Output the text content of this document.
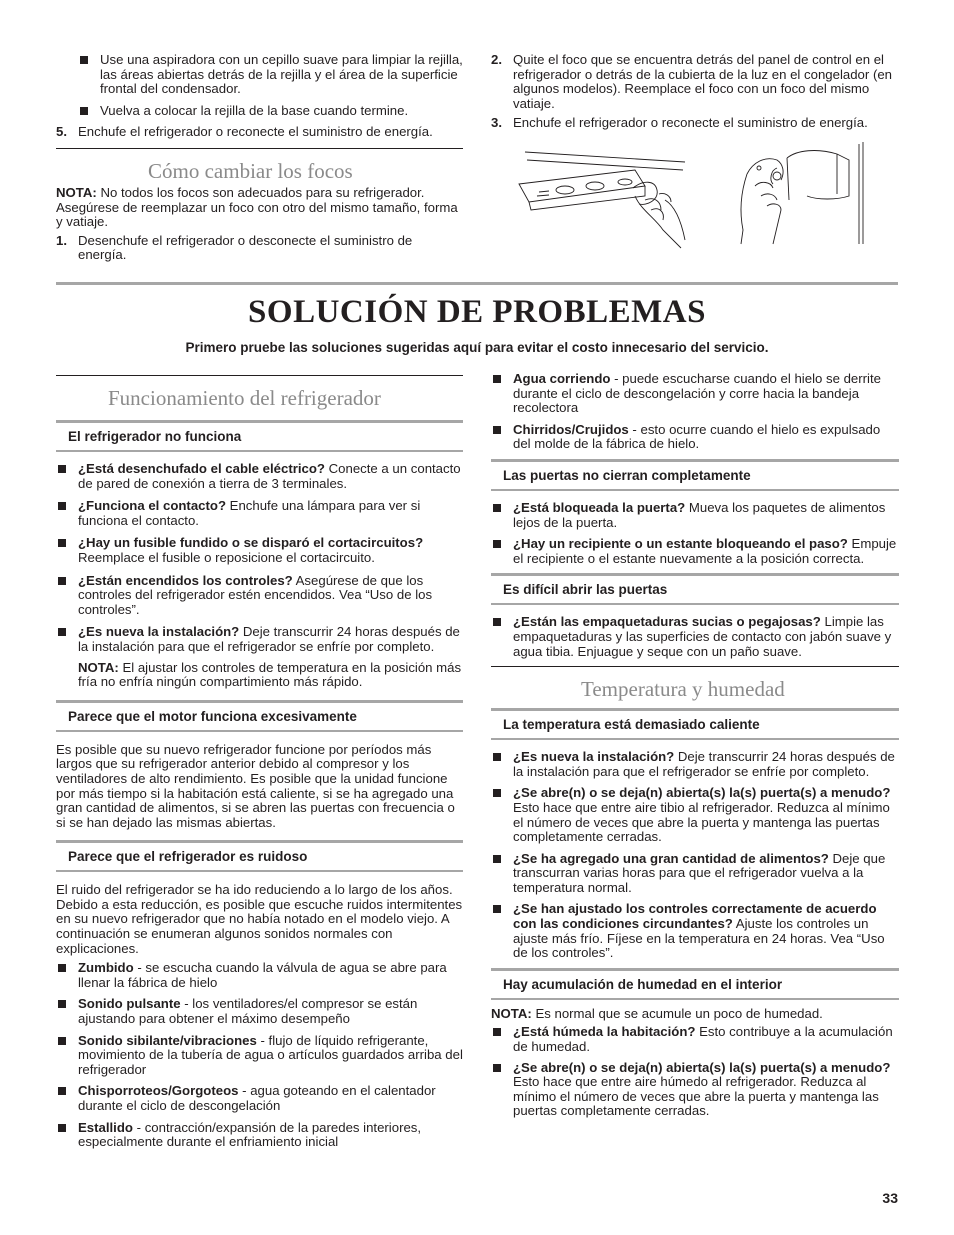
Use una aspiradora con un cepillo suave para limpiar la rejilla, las áreas abiertas detrás de la rejilla y el área de la superficie frontal del condensador.
Vuelva a colocar la rejilla de la base cuando termine.
5. Enchufe el refrigerador o reconecte el suministro de energía.
Cómo cambiar los focos
NOTA: No todos los focos son adecuados para su refrigerador. Asegúrese de reemplazar un foco con otro del mismo tamaño, forma y vatiaje.
1. Desenchufe el refrigerador o desconecte el suministro de energía.
2. Quite el foco que se encuentra detrás del panel de control en el refrigerador o detrás de la cubierta de la luz en el congelador (en algunos modelos). Reemplace el foco con un foco del mismo vatiaje.
3. Enchufe el refrigerador o reconecte el suministro de energía.
SOLUCIÓN DE PROBLEMAS
Primero pruebe las soluciones sugeridas aquí para evitar el costo innecesario del servicio.
Funcionamiento del refrigerador
El refrigerador no funciona
¿Está desenchufado el cable eléctrico? Conecte a un contacto de pared de conexión a tierra de 3 terminales.
¿Funciona el contacto? Enchufe una lámpara para ver si funciona el contacto.
¿Hay un fusible fundido o se disparó el cortacircuitos? Reemplace el fusible o reposicione el cortacircuito.
¿Están encendidos los controles? Asegúrese de que los controles del refrigerador estén encendidos. Vea “Uso de los controles”.
¿Es nueva la instalación? Deje transcurrir 24 horas después de la instalación para que el refrigerador se enfríe por completo.
NOTA: El ajustar los controles de temperatura en la posición más fría no enfría ningún compartimiento más rápido.
Parece que el motor funciona excesivamente
Es posible que su nuevo refrigerador funcione por períodos más largos que su refrigerador anterior debido al compresor y los ventiladores de alto rendimiento. Es posible que la unidad funcione por más tiempo si la habitación está caliente, si se ha agregado una gran cantidad de alimentos, si se abren las puertas con frecuencia o si se han dejado las mismas abiertas.
Parece que el refrigerador es ruidoso
El ruido del refrigerador se ha ido reduciendo a lo largo de los años. Debido a esta reducción, es posible que escuche ruidos intermitentes en su nuevo refrigerador que no había notado en el modelo viejo. A continuación se enumeran algunos sonidos normales con explicaciones.
Zumbido - se escucha cuando la válvula de agua se abre para llenar la fábrica de hielo
Sonido pulsante - los ventiladores/el compresor se están ajustando para obtener el máximo desempeño
Sonido sibilante/vibraciones - flujo de líquido refrigerante, movimiento de la tubería de agua o artículos guardados arriba del refrigerador
Chisporroteos/Gorgoteos - agua goteando en el calentador durante el ciclo de descongelación
Estallido - contracción/expansión de la paredes interiores, especialmente durante el enfriamiento inicial
Agua corriendo - puede escucharse cuando el hielo se derrite durante el ciclo de descongelación y corre hacia la bandeja recolectora
Chirridos/Crujidos - esto ocurre cuando el hielo es expulsado del molde de la fábrica de hielo.
Las puertas no cierran completamente
¿Está bloqueada la puerta? Mueva los paquetes de alimentos lejos de la puerta.
¿Hay un recipiente o un estante bloqueando el paso? Empuje el recipiente o el estante nuevamente a la posición correcta.
Es difícil abrir las puertas
¿Están las empaquetaduras sucias o pegajosas? Limpie las empaquetaduras y las superficies de contacto con jabón suave y agua tibia. Enjuague y seque con un paño suave.
Temperatura y humedad
La temperatura está demasiado caliente
¿Es nueva la instalación? Deje transcurrir 24 horas después de la instalación para que el refrigerador se enfríe por completo.
¿Se abre(n) o se deja(n) abierta(s) la(s) puerta(s) a menudo? Esto hace que entre aire tibio al refrigerador. Reduzca al mínimo el número de veces que abre la puerta y mantenga las puertas completamente cerradas.
¿Se ha agregado una gran cantidad de alimentos? Deje que transcurran varias horas para que el refrigerador vuelva a la temperatura normal.
¿Se han ajustado los controles correctamente de acuerdo con las condiciones circundantes? Ajuste los controles un ajuste más frío. Fíjese en la temperatura en 24 horas. Vea “Uso de los controles”.
Hay acumulación de humedad en el interior
NOTA: Es normal que se acumule un poco de humedad.
¿Está húmeda la habitación? Esto contribuye a la acumulación de humedad.
¿Se abre(n) o se deja(n) abierta(s) la(s) puerta(s) a menudo? Esto hace que entre aire húmedo al refrigerador. Reduzca al mínimo el número de veces que abre la puerta y mantenga las puertas completamente cerradas.
33
